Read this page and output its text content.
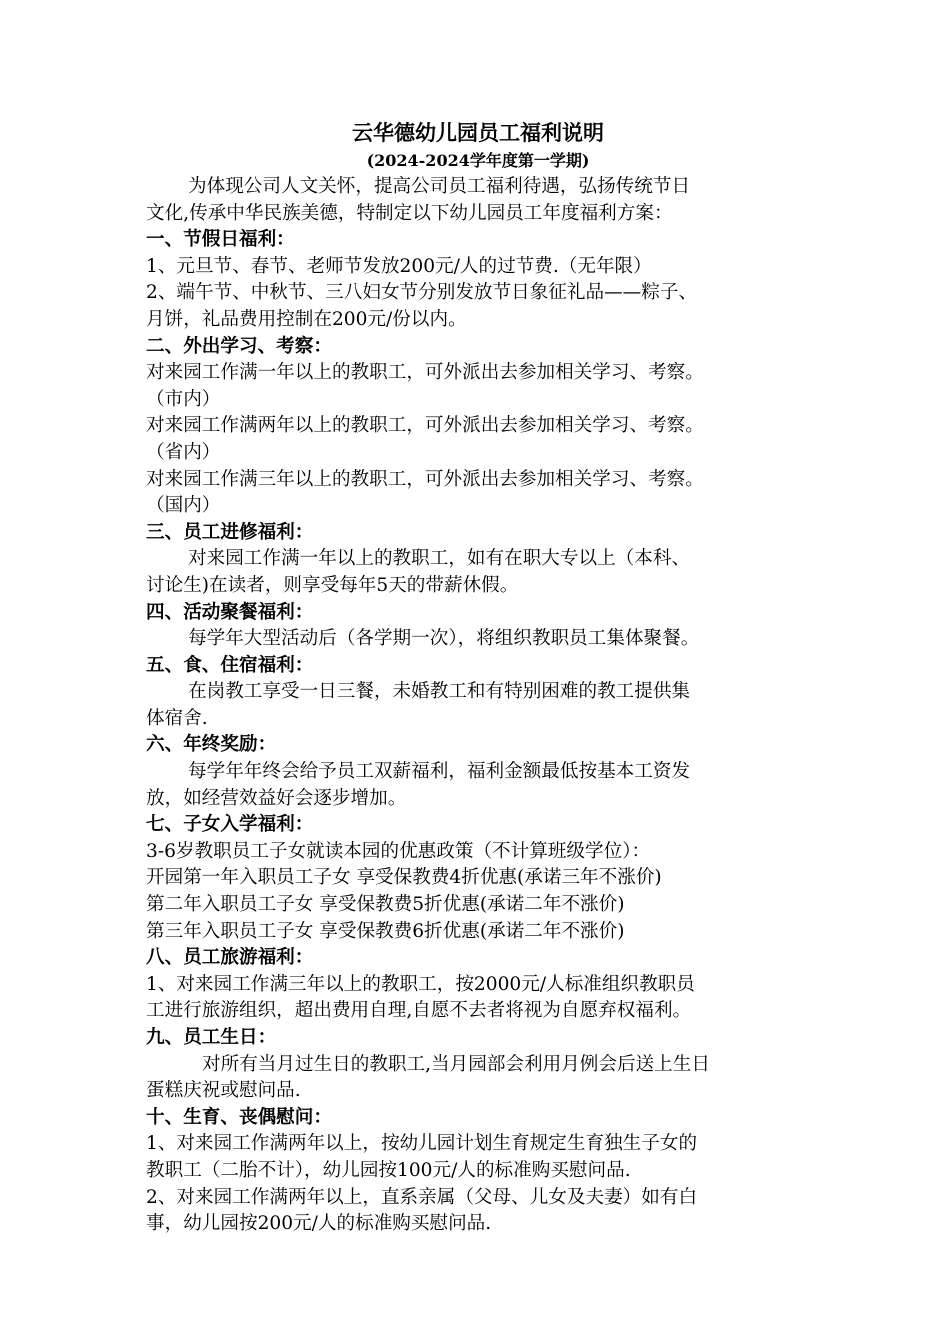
云华德幼儿园员工福利说明
(2024-2024学年度第一学期)
为体现公司人文关怀，提高公司员工福利待遇，弘扬传统节日
文化,传承中华民族美德，特制定以下幼儿园员工年度福利方案：
一、节假日福利：
1、元旦节、春节、老师节发放200元/人的过节费.（无年限）
2、端午节、中秋节、三八妇女节分别发放节日象征礼品——粽子、
月饼，礼品费用控制在200元/份以内。
二、外出学习、考察：
对来园工作满一年以上的教职工，可外派出去参加相关学习、考察。
（市内）
对来园工作满两年以上的教职工，可外派出去参加相关学习、考察。
（省内）
对来园工作满三年以上的教职工，可外派出去参加相关学习、考察。
（国内）
三、员工进修福利：
对来园工作满一年以上的教职工，如有在职大专以上（本科、
讨论生)在读者，则享受每年5天的带薪休假。
四、活动聚餐福利：
每学年大型活动后（各学期一次），将组织教职员工集体聚餐。
五、食、住宿福利：
在岗教工享受一日三餐，未婚教工和有特别困难的教工提供集
体宿舍.
六、年终奖励：
每学年年终会给予员工双薪福利，福利金额最低按基本工资发
放，如经营效益好会逐步增加。
七、子女入学福利：
3-6岁教职员工子女就读本园的优惠政策（不计算班级学位）：
开园第一年入职员工子女 享受保教费4折优惠(承诺三年不涨价)
第二年入职员工子女 享受保教费5折优惠(承诺二年不涨价)
第三年入职员工子女 享受保教费6折优惠(承诺二年不涨价)
八、员工旅游福利：
1、对来园工作满三年以上的教职工，按2000元/人标准组织教职员
工进行旅游组织，超出费用自理,自愿不去者将视为自愿弃权福利。
九、员工生日：
对所有当月过生日的教职工,当月园部会利用月例会后送上生日
蛋糕庆祝或慰问品.
十、生育、丧偶慰问：
1、对来园工作满两年以上，按幼儿园计划生育规定生育独生子女的
教职工（二胎不计），幼儿园按100元/人的标准购买慰问品.
2、对来园工作满两年以上，直系亲属（父母、儿女及夫妻）如有白
事，幼儿园按200元/人的标准购买慰问品.
